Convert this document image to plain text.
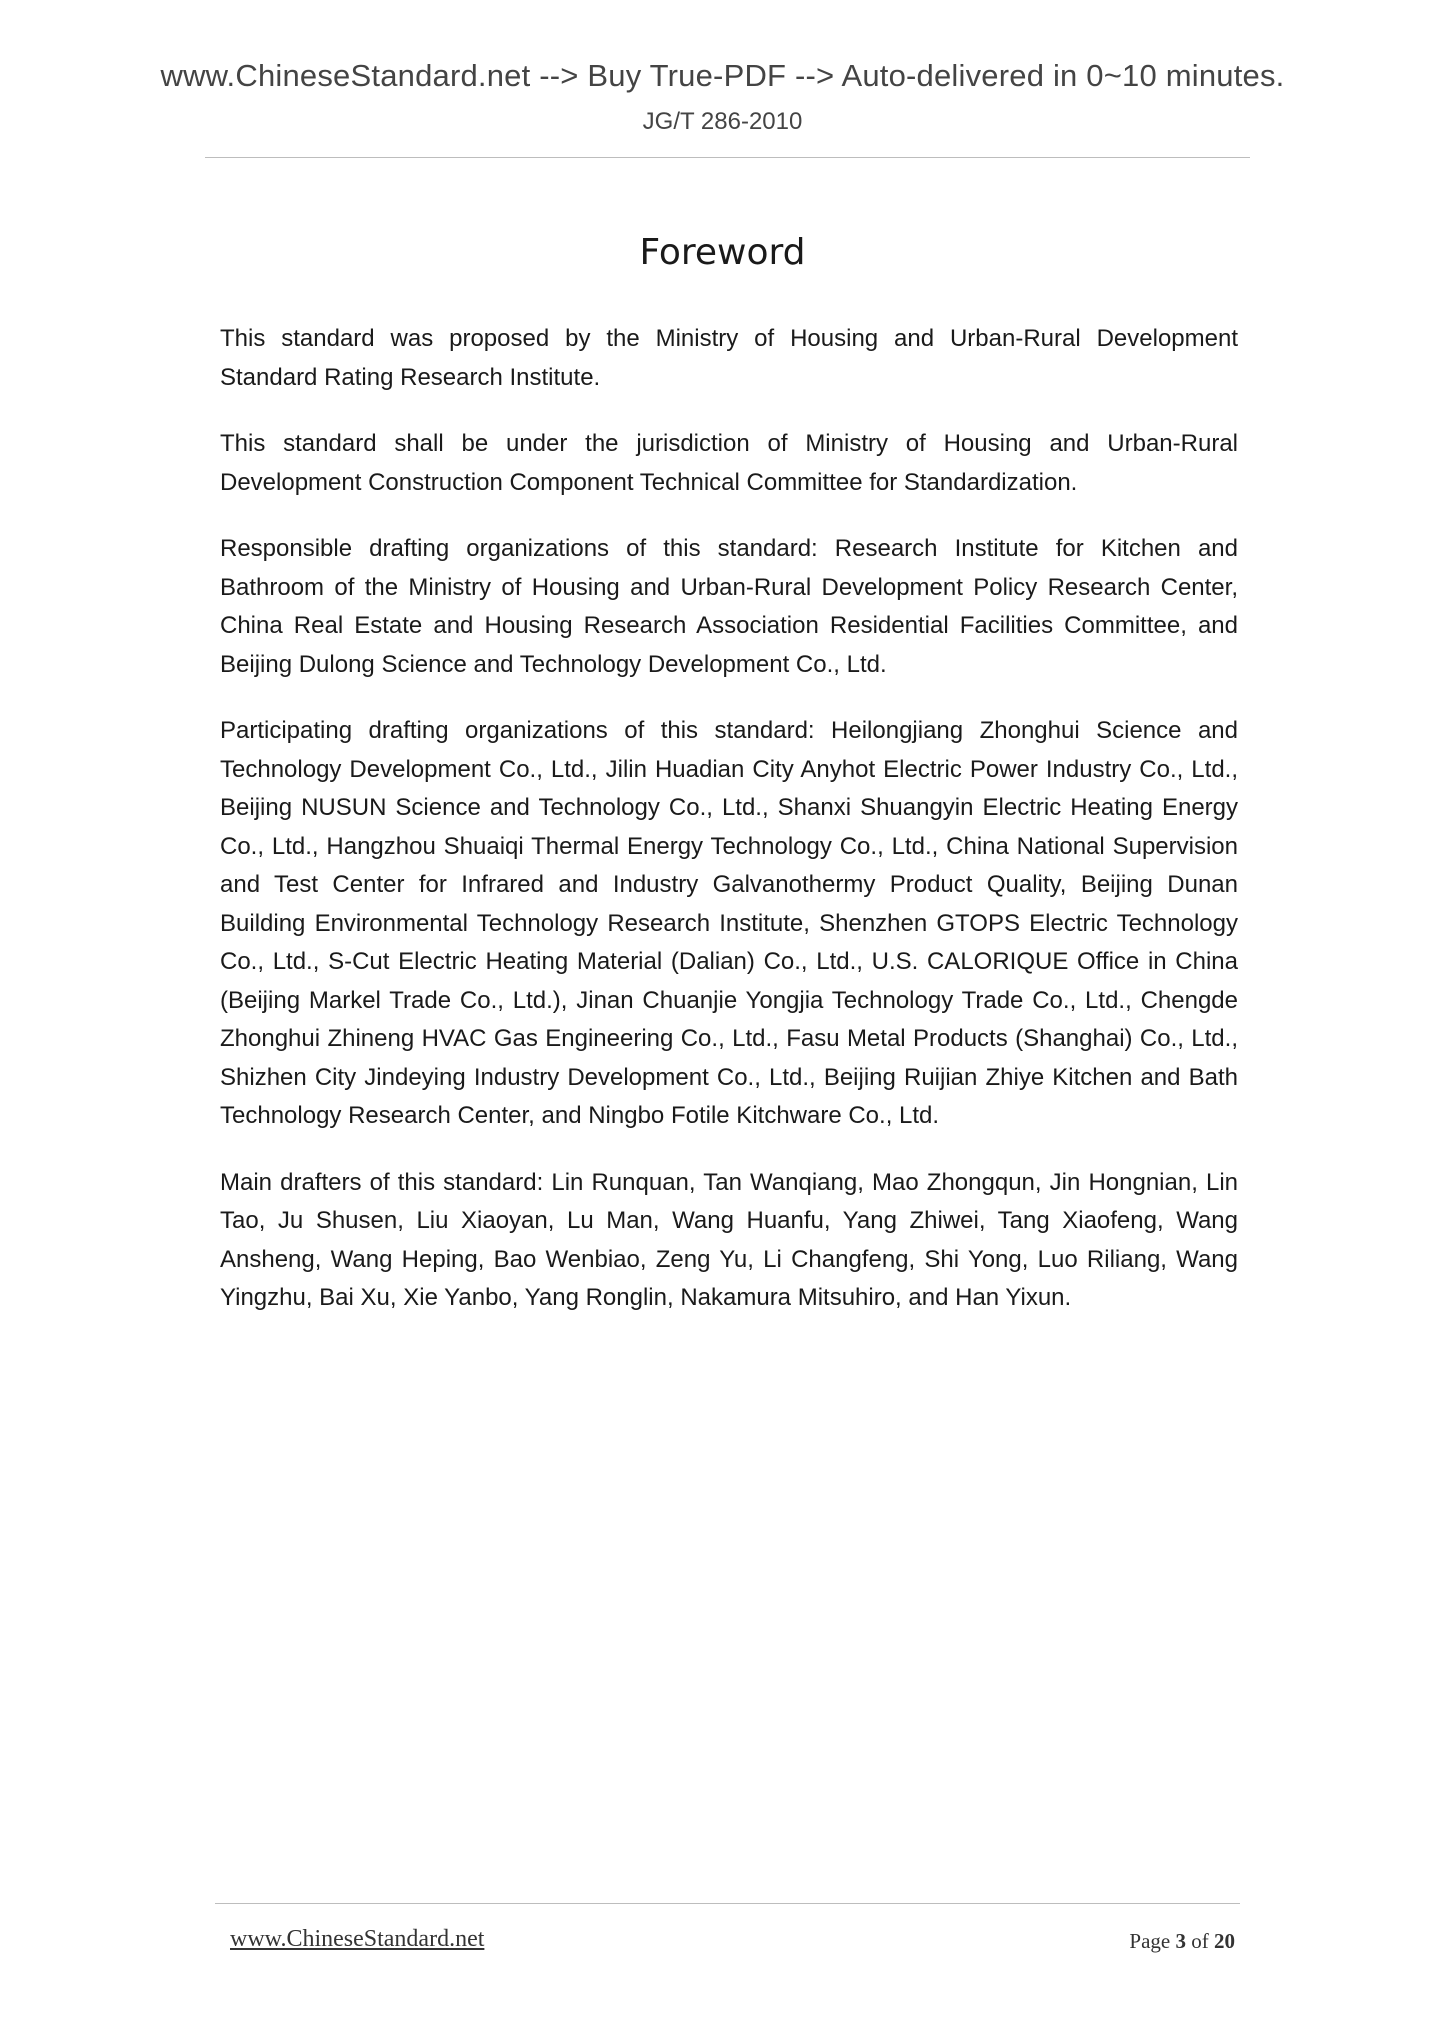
www.ChineseStandard.net --> Buy True-PDF --> Auto-delivered in 0~10 minutes.
JG/T 286-2010
Foreword

This standard was proposed by the Ministry of Housing and Urban-Rural Development Standard Rating Research Institute.

This standard shall be under the jurisdiction of Ministry of Housing and Urban-Rural Development Construction Component Technical Committee for Standardization.

Responsible drafting organizations of this standard: Research Institute for Kitchen and Bathroom of the Ministry of Housing and Urban-Rural Development Policy Research Center, China Real Estate and Housing Research Association Residential Facilities Committee, and Beijing Dulong Science and Technology Development Co., Ltd.

Participating drafting organizations of this standard: Heilongjiang Zhonghui Science and Technology Development Co., Ltd., Jilin Huadian City Anyhot Electric Power Industry Co., Ltd., Beijing NUSUN Science and Technology Co., Ltd., Shanxi Shuangyin Electric Heating Energy Co., Ltd., Hangzhou Shuaiqi Thermal Energy Technology Co., Ltd., China National Supervision and Test Center for Infrared and Industry Galvanothermy Product Quality, Beijing Dunan Building Environmental Technology Research Institute, Shenzhen GTOPS Electric Technology Co., Ltd., S-Cut Electric Heating Material (Dalian) Co., Ltd., U.S. CALORIQUE Office in China (Beijing Markel Trade Co., Ltd.), Jinan Chuanjie Yongjia Technology Trade Co., Ltd., Chengde Zhonghui Zhineng HVAC Gas Engineering Co., Ltd., Fasu Metal Products (Shanghai) Co., Ltd., Shizhen City Jindeying Industry Development Co., Ltd., Beijing Ruijian Zhiye Kitchen and Bath Technology Research Center, and Ningbo Fotile Kitchware Co., Ltd.

Main drafters of this standard: Lin Runquan, Tan Wanqiang, Mao Zhongqun, Jin Hongnian, Lin Tao, Ju Shusen, Liu Xiaoyan, Lu Man, Wang Huanfu, Yang Zhiwei, Tang Xiaofeng, Wang Ansheng, Wang Heping, Bao Wenbiao, Zeng Yu, Li Changfeng, Shi Yong, Luo Riliang, Wang Yingzhu, Bai Xu, Xie Yanbo, Yang Ronglin, Nakamura Mitsuhiro, and Han Yixun.

www.ChineseStandard.net	Page 3 of 20
